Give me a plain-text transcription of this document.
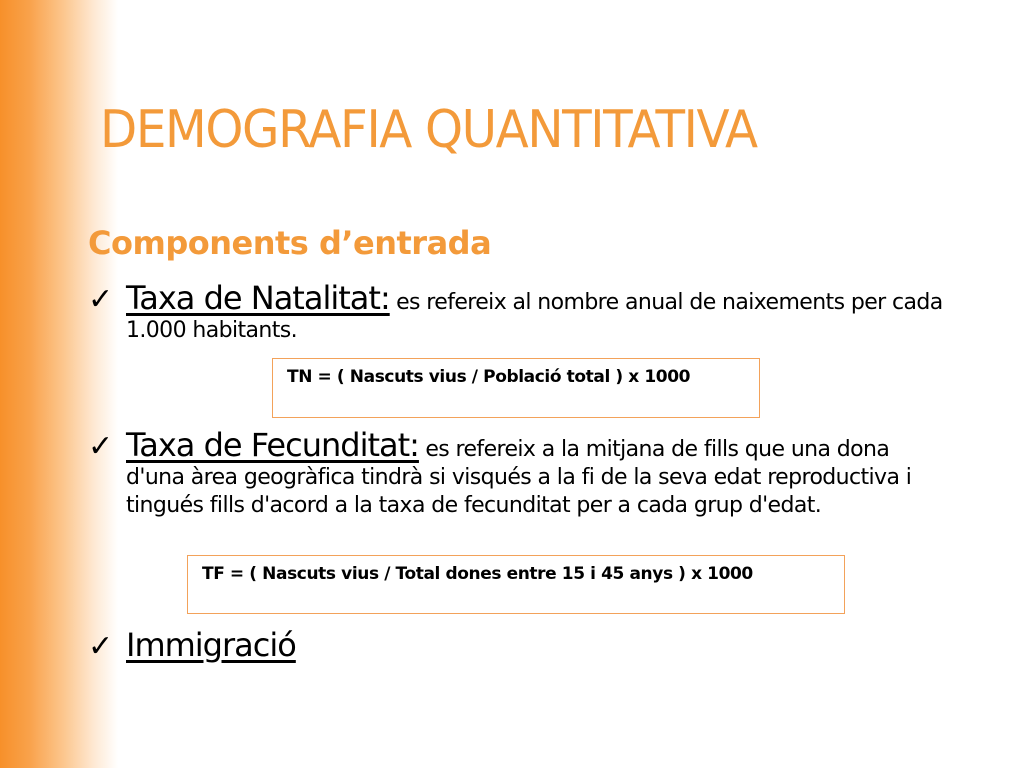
DEMOGRAFIA QUANTITATIVA
Components d’entrada
✓ Taxa de Natalitat: es refereix al nombre anual de naixements per cada 1.000 habitants.
TN = ( Nascuts vius / Població total ) x 1000
✓ Taxa de Fecunditat: es refereix a la mitjana de fills que una dona d'una àrea geogràfica tindrà si visqués a la fi de la seva edat reproductiva i tingués fills d'acord a la taxa de fecunditat per a cada grup d'edat.
TF = ( Nascuts vius / Total dones entre 15 i 45 anys ) x 1000
✓ Immigració
